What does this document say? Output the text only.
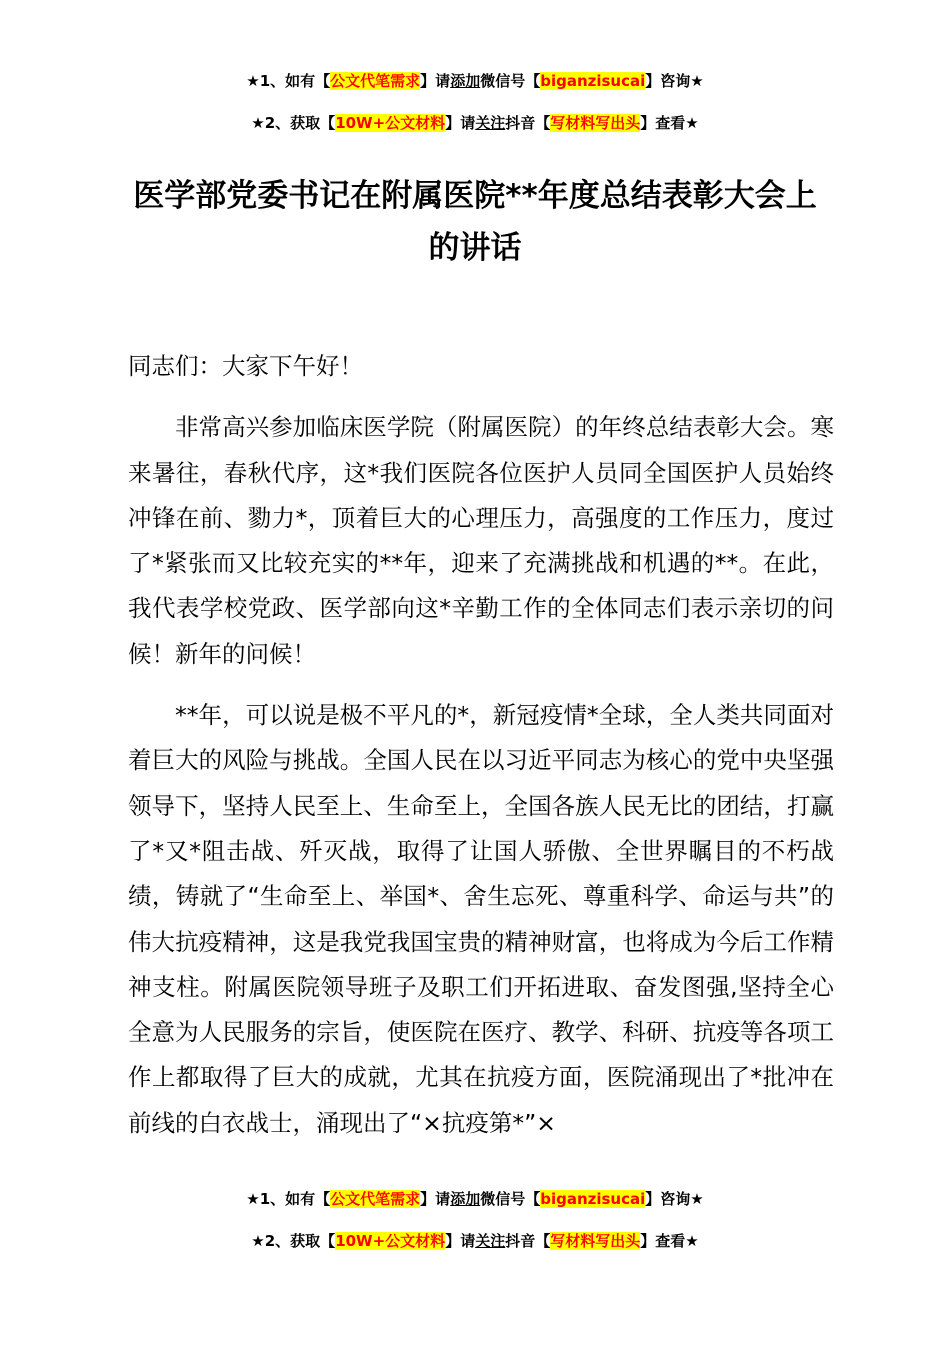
★1、如有【公文代笔需求】请添加微信号【biganzisucai】咨询★
★2、获取【10W+公文材料】请关注抖音【写材料写出头】查看★
医学部党委书记在附属医院**年度总结表彰大会上的讲话

同志们：大家下午好！

非常高兴参加临床医学院（附属医院）的年终总结表彰大会。寒来暑往，春秋代序，这*我们医院各位医护人员同全国医护人员始终冲锋在前、勠力*，顶着巨大的心理压力，高强度的工作压力，度过了*紧张而又比较充实的**年，迎来了充满挑战和机遇的**。在此，我代表学校党政、医学部向这*辛勤工作的全体同志们表示亲切的问候！新年的问候！

**年，可以说是极不平凡的*，新冠疫情*全球，全人类共同面对着巨大的风险与挑战。全国人民在以习近平同志为核心的党中央坚强领导下，坚持人民至上、生命至上，全国各族人民无比的团结，打赢了*又*阻击战、歼灭战，取得了让国人骄傲、全世界瞩目的不朽战绩，铸就了“生命至上、举国*、舍生忘死、尊重科学、命运与共”的伟大抗疫精神，这是我党我国宝贵的精神财富，也将成为今后工作精神支柱。附属医院领导班子及职工们开拓进取、奋发图强,坚持全心全意为人民服务的宗旨，使医院在医疗、教学、科研、抗疫等各项工作上都取得了巨大的成就，尤其在抗疫方面，医院涌现出了*批冲在前线的白衣战士，涌现出了“×抗疫第*”×

★1、如有【公文代笔需求】请添加微信号【biganzisucai】咨询★
★2、获取【10W+公文材料】请关注抖音【写材料写出头】查看★
